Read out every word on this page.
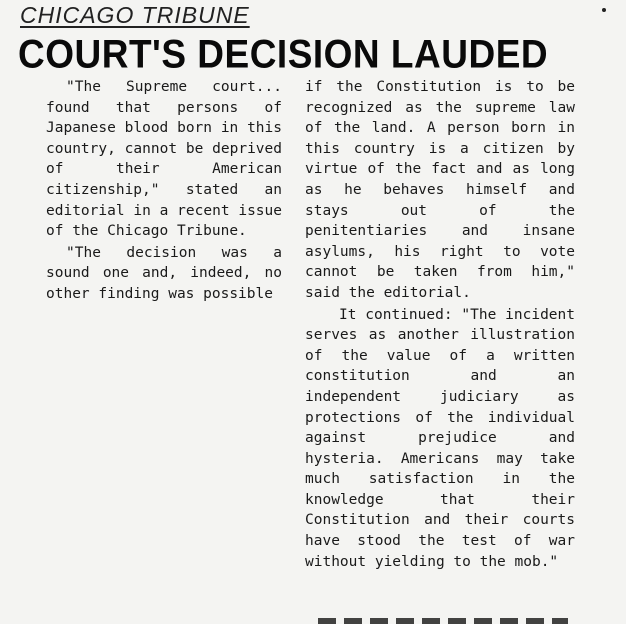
CHICAGO TRIBUNE
COURT'S DECISION LAUDED

"The Supreme court... found that persons of Japanese blood born in this country, cannot be deprived of their American citizenship," stated an editorial in a recent issue of the Chicago Tribune.

"The decision was a sound one and, indeed, no other finding was possible

if the Constitution is to be recognized as the supreme law of the land. A person born in this country is a citizen by virtue of the fact and as long as he behaves himself and stays out of the penitentiaries and insane asylums, his right to vote cannot be taken from him," said the editorial.

It continued: "The incident serves as another illustration of the value of a written constitution and an independent judiciary as protections of the individual against prejudice and hysteria. Americans may take much satisfaction in the knowledge that their Constitution and their courts have stood the test of war without yielding to the mob."
